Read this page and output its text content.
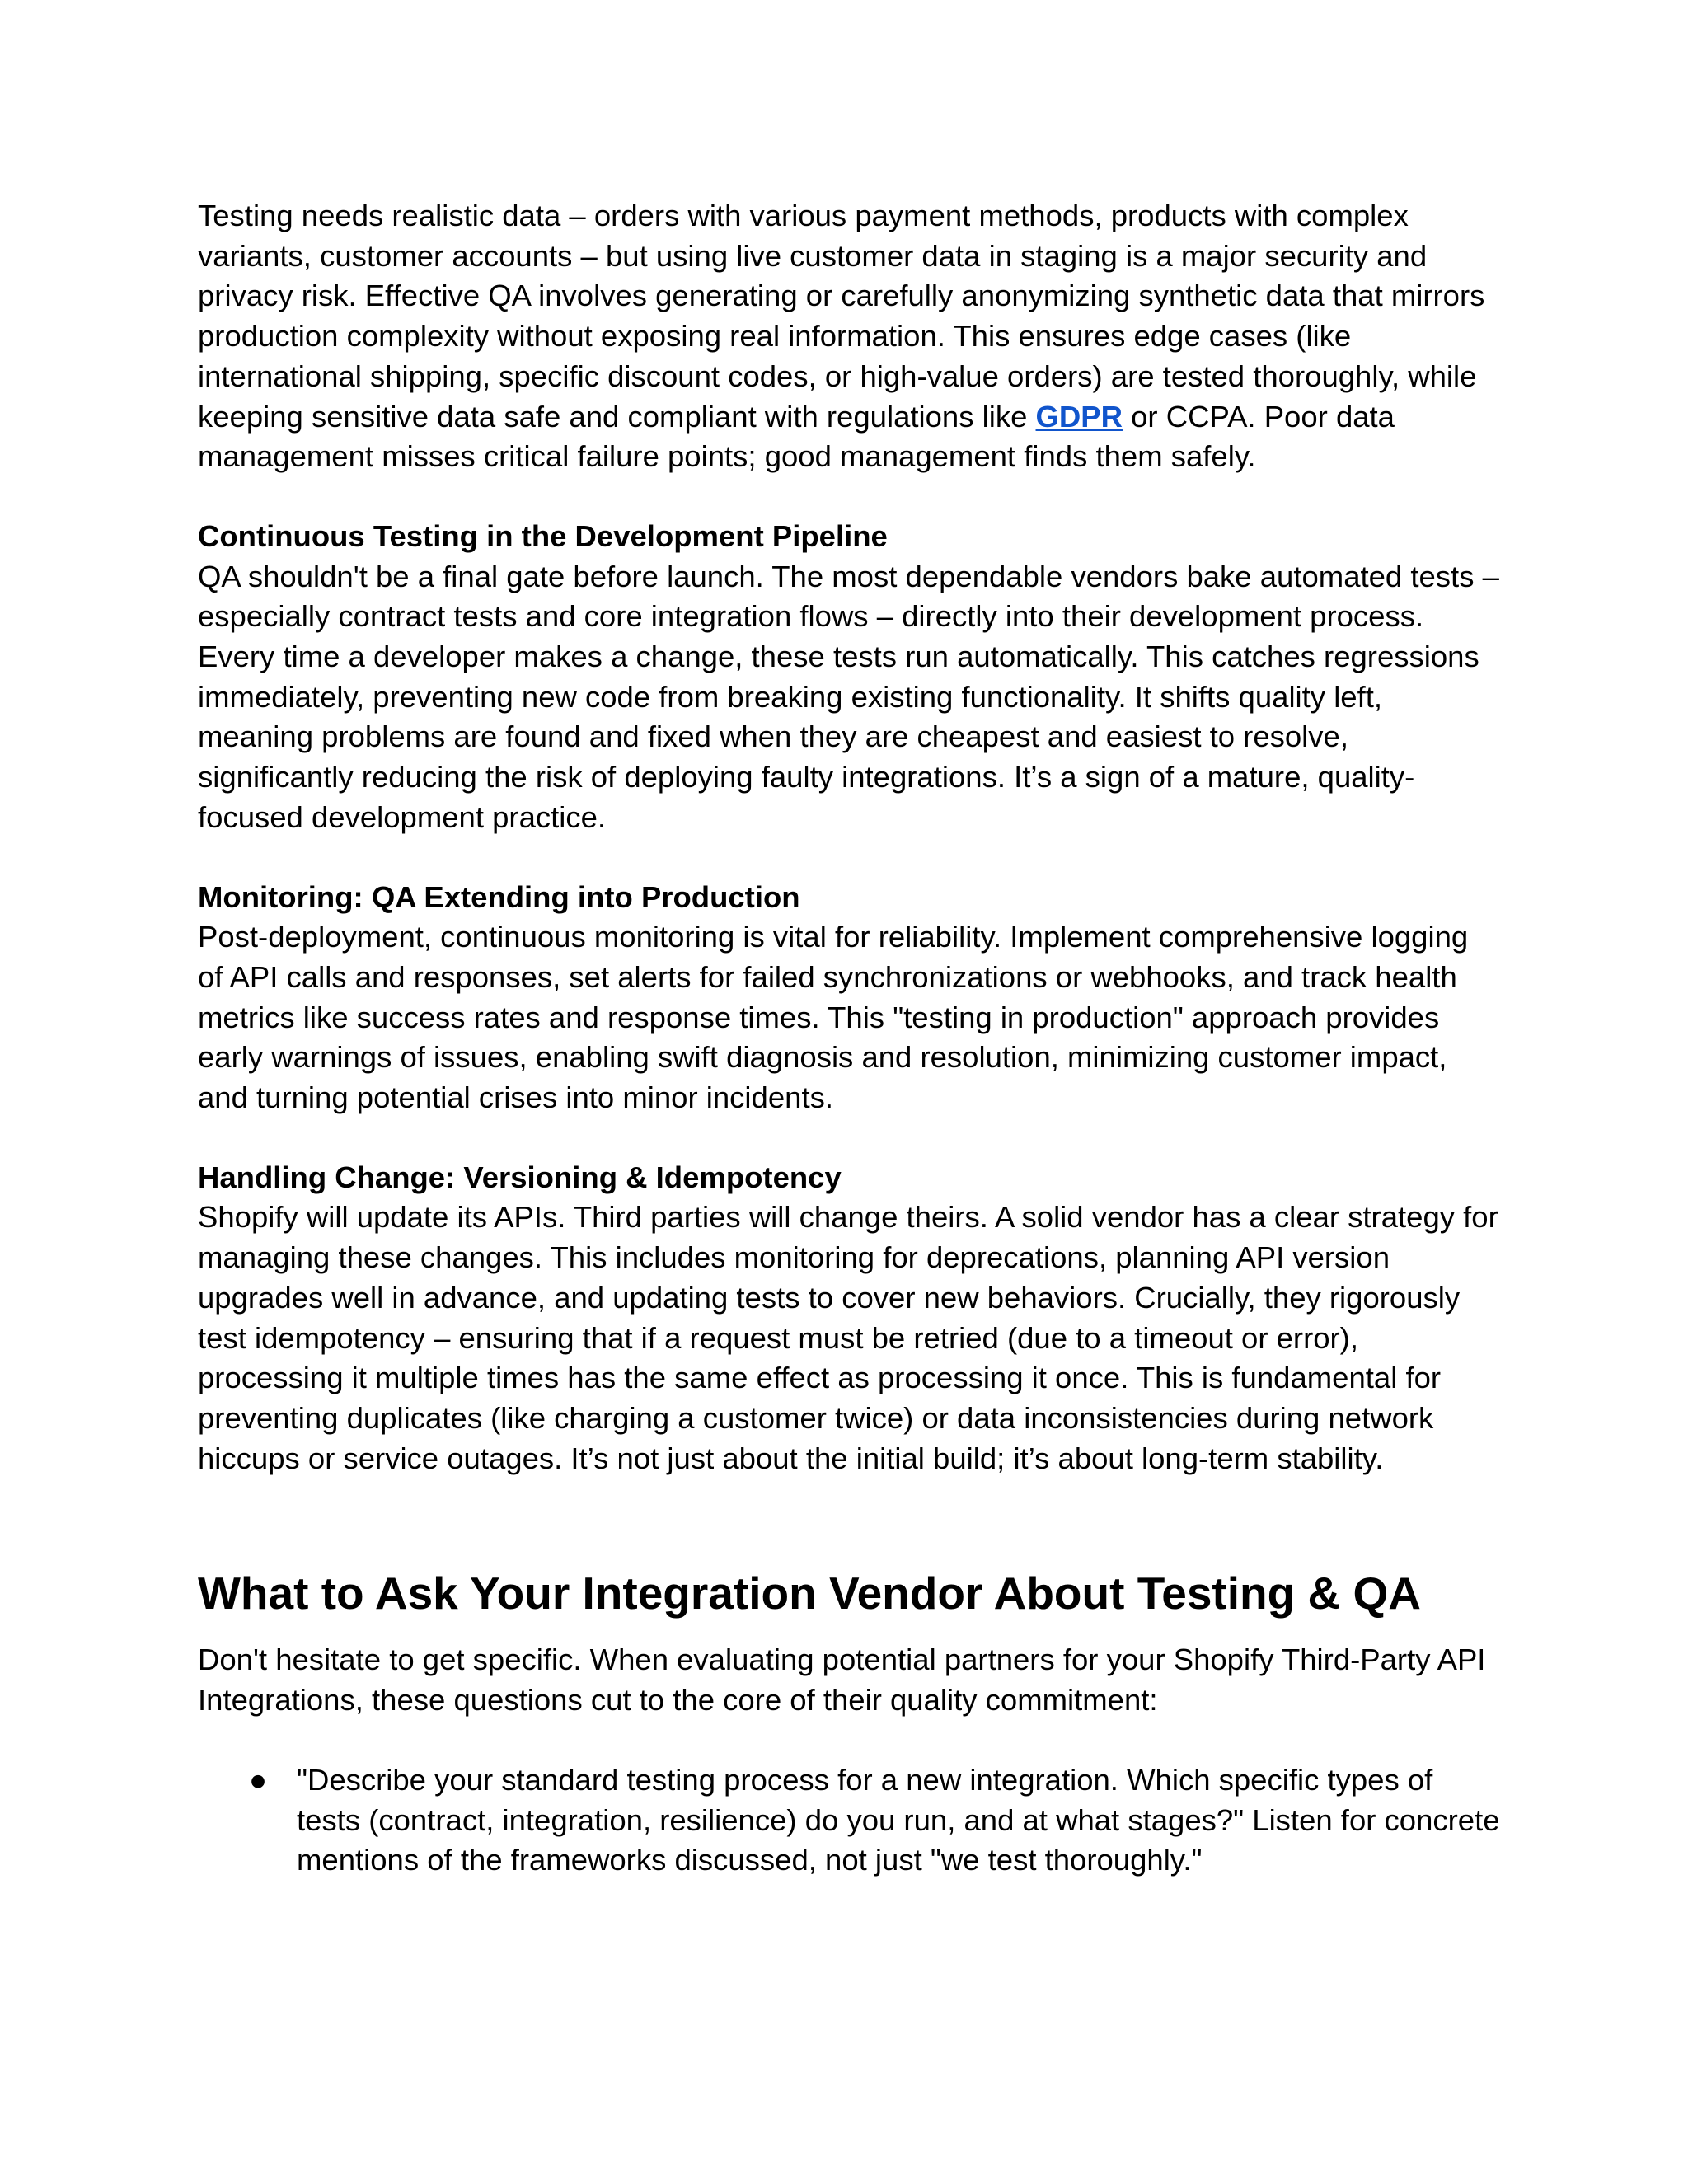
Testing needs realistic data – orders with various payment methods, products with complex variants, customer accounts – but using live customer data in staging is a major security and privacy risk. Effective QA involves generating or carefully anonymizing synthetic data that mirrors production complexity without exposing real information. This ensures edge cases (like international shipping, specific discount codes, or high-value orders) are tested thoroughly, while keeping sensitive data safe and compliant with regulations like GDPR or CCPA. Poor data management misses critical failure points; good management finds them safely.

Continuous Testing in the Development Pipeline

QA shouldn't be a final gate before launch. The most dependable vendors bake automated tests – especially contract tests and core integration flows – directly into their development process. Every time a developer makes a change, these tests run automatically. This catches regressions immediately, preventing new code from breaking existing functionality. It shifts quality left, meaning problems are found and fixed when they are cheapest and easiest to resolve, significantly reducing the risk of deploying faulty integrations. It’s a sign of a mature, quality-focused development practice.

Monitoring: QA Extending into Production

Post-deployment, continuous monitoring is vital for reliability. Implement comprehensive logging of API calls and responses, set alerts for failed synchronizations or webhooks, and track health metrics like success rates and response times. This "testing in production" approach provides early warnings of issues, enabling swift diagnosis and resolution, minimizing customer impact, and turning potential crises into minor incidents.

Handling Change: Versioning & Idempotency

Shopify will update its APIs. Third parties will change theirs. A solid vendor has a clear strategy for managing these changes. This includes monitoring for deprecations, planning API version upgrades well in advance, and updating tests to cover new behaviors. Crucially, they rigorously test idempotency – ensuring that if a request must be retried (due to a timeout or error), processing it multiple times has the same effect as processing it once. This is fundamental for preventing duplicates (like charging a customer twice) or data inconsistencies during network hiccups or service outages. It’s not just about the initial build; it’s about long-term stability.

What to Ask Your Integration Vendor About Testing & QA

Don't hesitate to get specific. When evaluating potential partners for your Shopify Third-Party API Integrations, these questions cut to the core of their quality commitment:

● "Describe your standard testing process for a new integration. Which specific types of tests (contract, integration, resilience) do you run, and at what stages?" Listen for concrete mentions of the frameworks discussed, not just "we test thoroughly."
